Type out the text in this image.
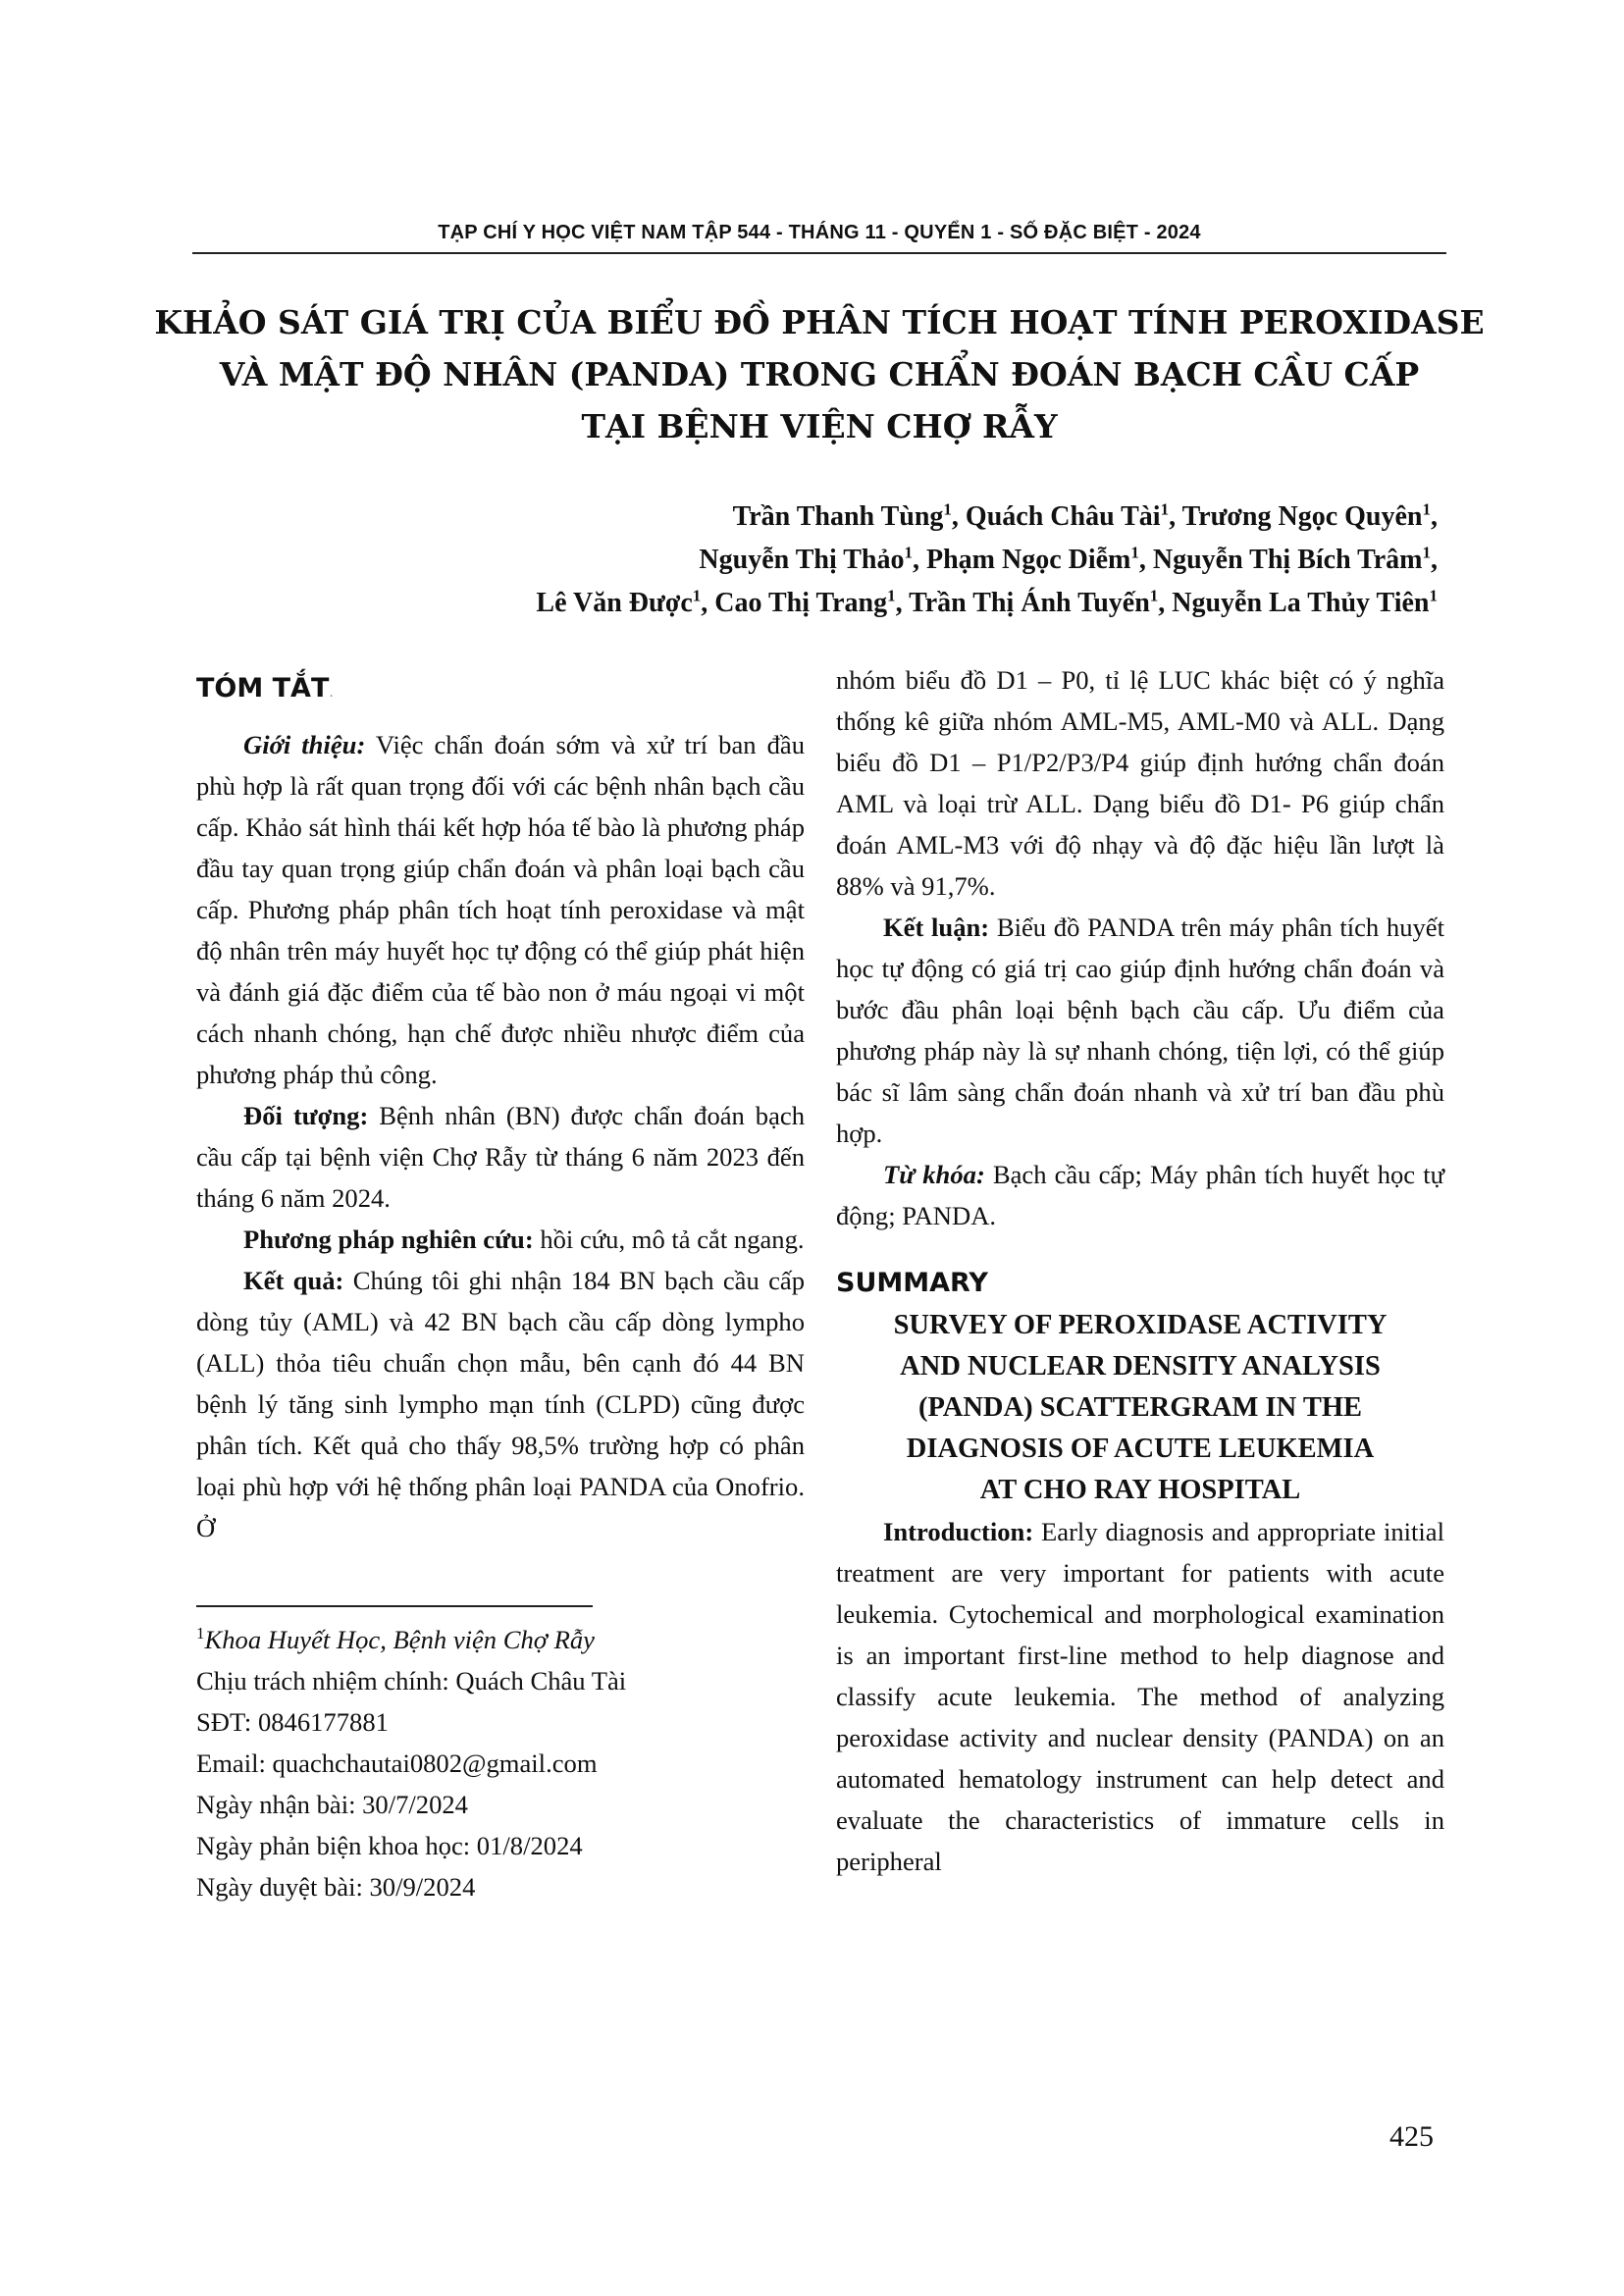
TẠP CHÍ Y HỌC VIỆT NAM TẬP 544 - THÁNG 11 - QUYỂN 1 - SỐ ĐẶC BIỆT - 2024
KHẢO SÁT GIÁ TRỊ CỦA BIỂU ĐỒ PHÂN TÍCH HOẠT TÍNH PEROXIDASE
VÀ MẬT ĐỘ NHÂN (PANDA) TRONG CHẨN ĐOÁN BẠCH CẦU CẤP
TẠI BỆNH VIỆN CHỢ RẪY
Trần Thanh Tùng$^1$, Quách Châu Tài$^1$, Trương Ngọc Quyên$^1$,
Nguyễn Thị Thảo$^1$, Phạm Ngọc Diễm$^1$, Nguyễn Thị Bích Trâm$^1$,
Lê Văn Được$^1$, Cao Thị Trang$^1$, Trần Thị Ánh Tuyến$^1$, Nguyễn La Thủy Tiên$^1$
TÓM TẮT.

Giới thiệu: Việc chẩn đoán sớm và xử trí ban đầu phù hợp là rất quan trọng đối với các bệnh nhân bạch cầu cấp. Khảo sát hình thái kết hợp hóa tế bào là phương pháp đầu tay quan trọng giúp chẩn đoán và phân loại bạch cầu cấp. Phương pháp phân tích hoạt tính peroxidase và mật độ nhân trên máy huyết học tự động có thể giúp phát hiện và đánh giá đặc điểm của tế bào non ở máu ngoại vi một cách nhanh chóng, hạn chế được nhiều nhược điểm của phương pháp thủ công.

Đối tượng: Bệnh nhân (BN) được chẩn đoán bạch cầu cấp tại bệnh viện Chợ Rẫy từ tháng 6 năm 2023 đến tháng 6 năm 2024.

Phương pháp nghiên cứu: hồi cứu, mô tả cắt ngang.

Kết quả: Chúng tôi ghi nhận 184 BN bạch cầu cấp dòng tủy (AML) và 42 BN bạch cầu cấp dòng lympho (ALL) thỏa tiêu chuẩn chọn mẫu, bên cạnh đó 44 BN bệnh lý tăng sinh lympho mạn tính (CLPD) cũng được phân tích. Kết quả cho thấy 98,5% trường hợp có phân loại phù hợp với hệ thống phân loại PANDA của Onofrio. Ở

$^1$Khoa Huyết Học, Bệnh viện Chợ Rẫy
Chịu trách nhiệm chính: Quách Châu Tài
SĐT: 0846177881
Email: quachchautai0802@gmail.com
Ngày nhận bài: 30/7/2024
Ngày phản biện khoa học: 01/8/2024
Ngày duyệt bài: 30/9/2024

nhóm biểu đồ D1 – P0, tỉ lệ LUC khác biệt có ý nghĩa thống kê giữa nhóm AML-M5, AML-M0 và ALL. Dạng biểu đồ D1 – P1/P2/P3/P4 giúp định hướng chẩn đoán AML và loại trừ ALL. Dạng biểu đồ D1- P6 giúp chẩn đoán AML-M3 với độ nhạy và độ đặc hiệu lần lượt là 88% và 91,7%.

Kết luận: Biểu đồ PANDA trên máy phân tích huyết học tự động có giá trị cao giúp định hướng chẩn đoán và bước đầu phân loại bệnh bạch cầu cấp. Ưu điểm của phương pháp này là sự nhanh chóng, tiện lợi, có thể giúp bác sĩ lâm sàng chẩn đoán nhanh và xử trí ban đầu phù hợp.

Từ khóa: Bạch cầu cấp; Máy phân tích huyết học tự động; PANDA.

SUMMARY
SURVEY OF PEROXIDASE ACTIVITY
AND NUCLEAR DENSITY ANALYSIS
(PANDA) SCATTERGRAM IN THE
DIAGNOSIS OF ACUTE LEUKEMIA
AT CHO RAY HOSPITAL

Introduction: Early diagnosis and appropriate initial treatment are very important for patients with acute leukemia. Cytochemical and morphological examination is an important first-line method to help diagnose and classify acute leukemia. The method of analyzing peroxidase activity and nuclear density (PANDA) on an automated hematology instrument can help detect and evaluate the characteristics of immature cells in peripheral

425
